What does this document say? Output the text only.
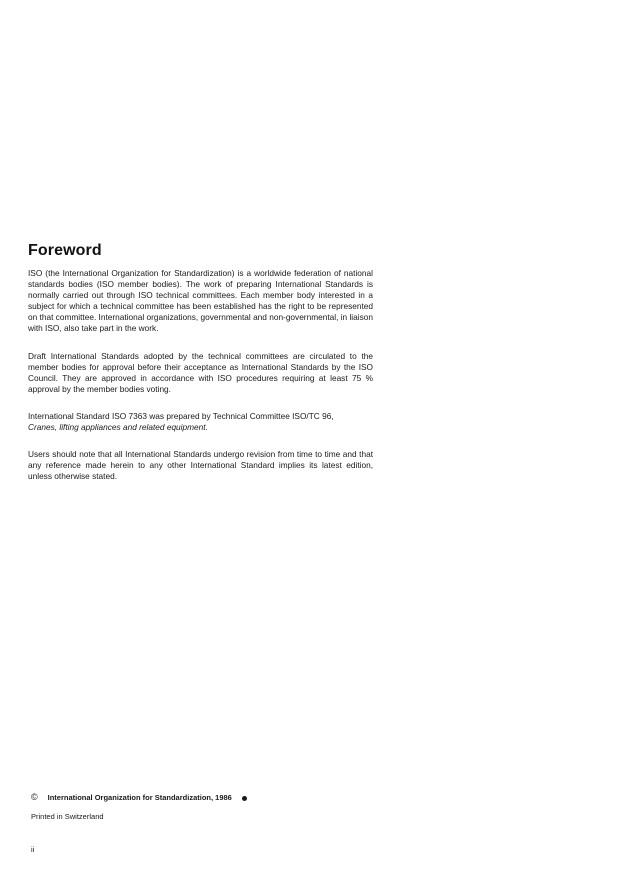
Foreword

ISO (the International Organization for Standardization) is a worldwide federation of national standards bodies (ISO member bodies). The work of preparing International Standards is normally carried out through ISO technical committees. Each member body interested in a subject for which a technical committee has been established has the right to be represented on that committee. International organizations, governmental and non-governmental, in liaison with ISO, also take part in the work.

Draft International Standards adopted by the technical committees are circulated to the member bodies for approval before their acceptance as International Standards by the ISO Council. They are approved in accordance with ISO procedures requiring at least 75 % approval by the member bodies voting.

International Standard ISO 7363 was prepared by Technical Committee ISO/TC 96,
Cranes, lifting appliances and related equipment.

Users should note that all International Standards undergo revision from time to time and that any reference made herein to any other International Standard implies its latest edition, unless otherwise stated.

© International Organization for Standardization, 1986
Printed in Switzerland
ii
